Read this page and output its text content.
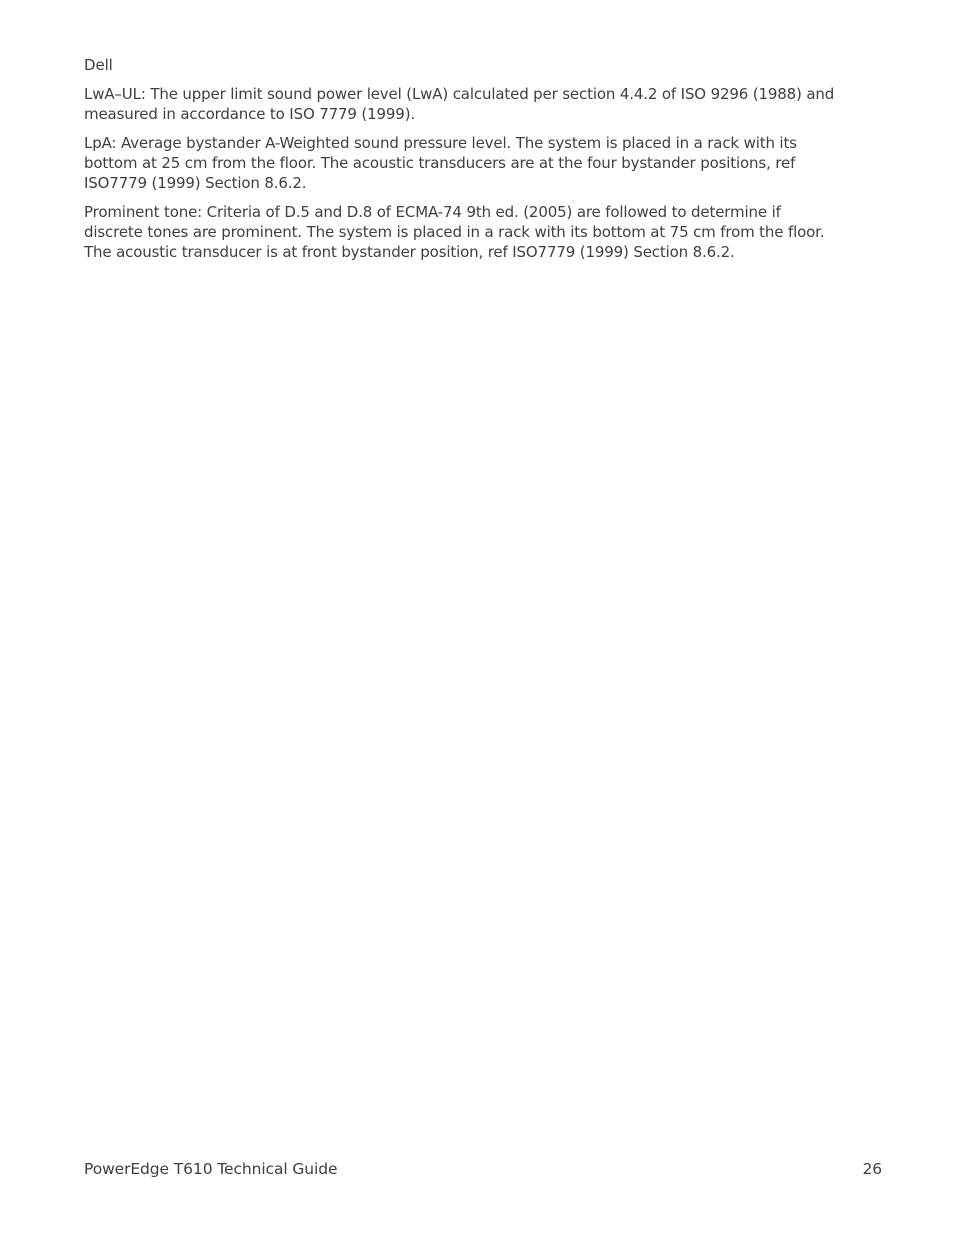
Dell

LwA–UL: The upper limit sound power level (LwA) calculated per section 4.4.2 of ISO 9296 (1988) and
measured in accordance to ISO 7779 (1999).

LpA: Average bystander A-Weighted sound pressure level. The system is placed in a rack with its
bottom at 25 cm from the floor. The acoustic transducers are at the four bystander positions, ref
ISO7779 (1999) Section 8.6.2.

Prominent tone: Criteria of D.5 and D.8 of ECMA-74 9th ed. (2005) are followed to determine if
discrete tones are prominent. The system is placed in a rack with its bottom at 75 cm from the floor.
The acoustic transducer is at front bystander position, ref ISO7779 (1999) Section 8.6.2.

PowerEdge T610 Technical Guide	26
